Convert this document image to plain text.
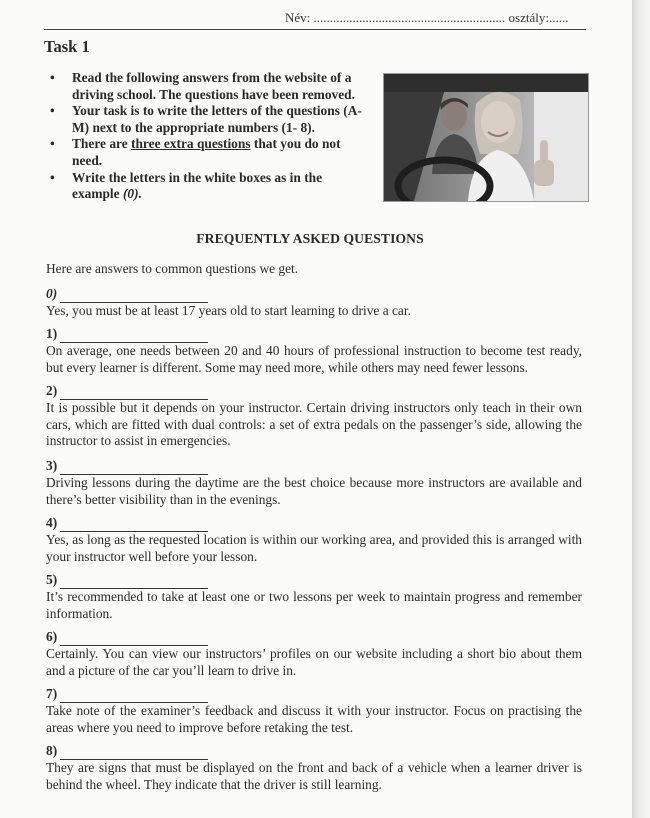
Név: ........................................................... osztály:......
Task 1
• Read the following answers from the website of a driving school. The questions have been removed.
• Your task is to write the letters of the questions (A-M) next to the appropriate numbers (1- 8).
• There are three extra questions that you do not need.
• Write the letters in the white boxes as in the example (0).
FREQUENTLY ASKED QUESTIONS
Here are answers to common questions we get.
0)
Yes, you must be at least 17 years old to start learning to drive a car.
1)
On average, one needs between 20 and 40 hours of professional instruction to become test ready, but every learner is different. Some may need more, while others may need fewer lessons.
2)
It is possible but it depends on your instructor. Certain driving instructors only teach in their own cars, which are fitted with dual controls: a set of extra pedals on the passenger’s side, allowing the instructor to assist in emergencies.
3)
Driving lessons during the daytime are the best choice because more instructors are available and there’s better visibility than in the evenings.
4)
Yes, as long as the requested location is within our working area, and provided this is arranged with your instructor well before your lesson.
5)
It’s recommended to take at least one or two lessons per week to maintain progress and remember information.
6)
Certainly. You can view our instructors’ profiles on our website including a short bio about them and a picture of the car you’ll learn to drive in.
7)
Take note of the examiner’s feedback and discuss it with your instructor. Focus on practising the areas where you need to improve before retaking the test.
8)
They are signs that must be displayed on the front and back of a vehicle when a learner driver is behind the wheel. They indicate that the driver is still learning.
